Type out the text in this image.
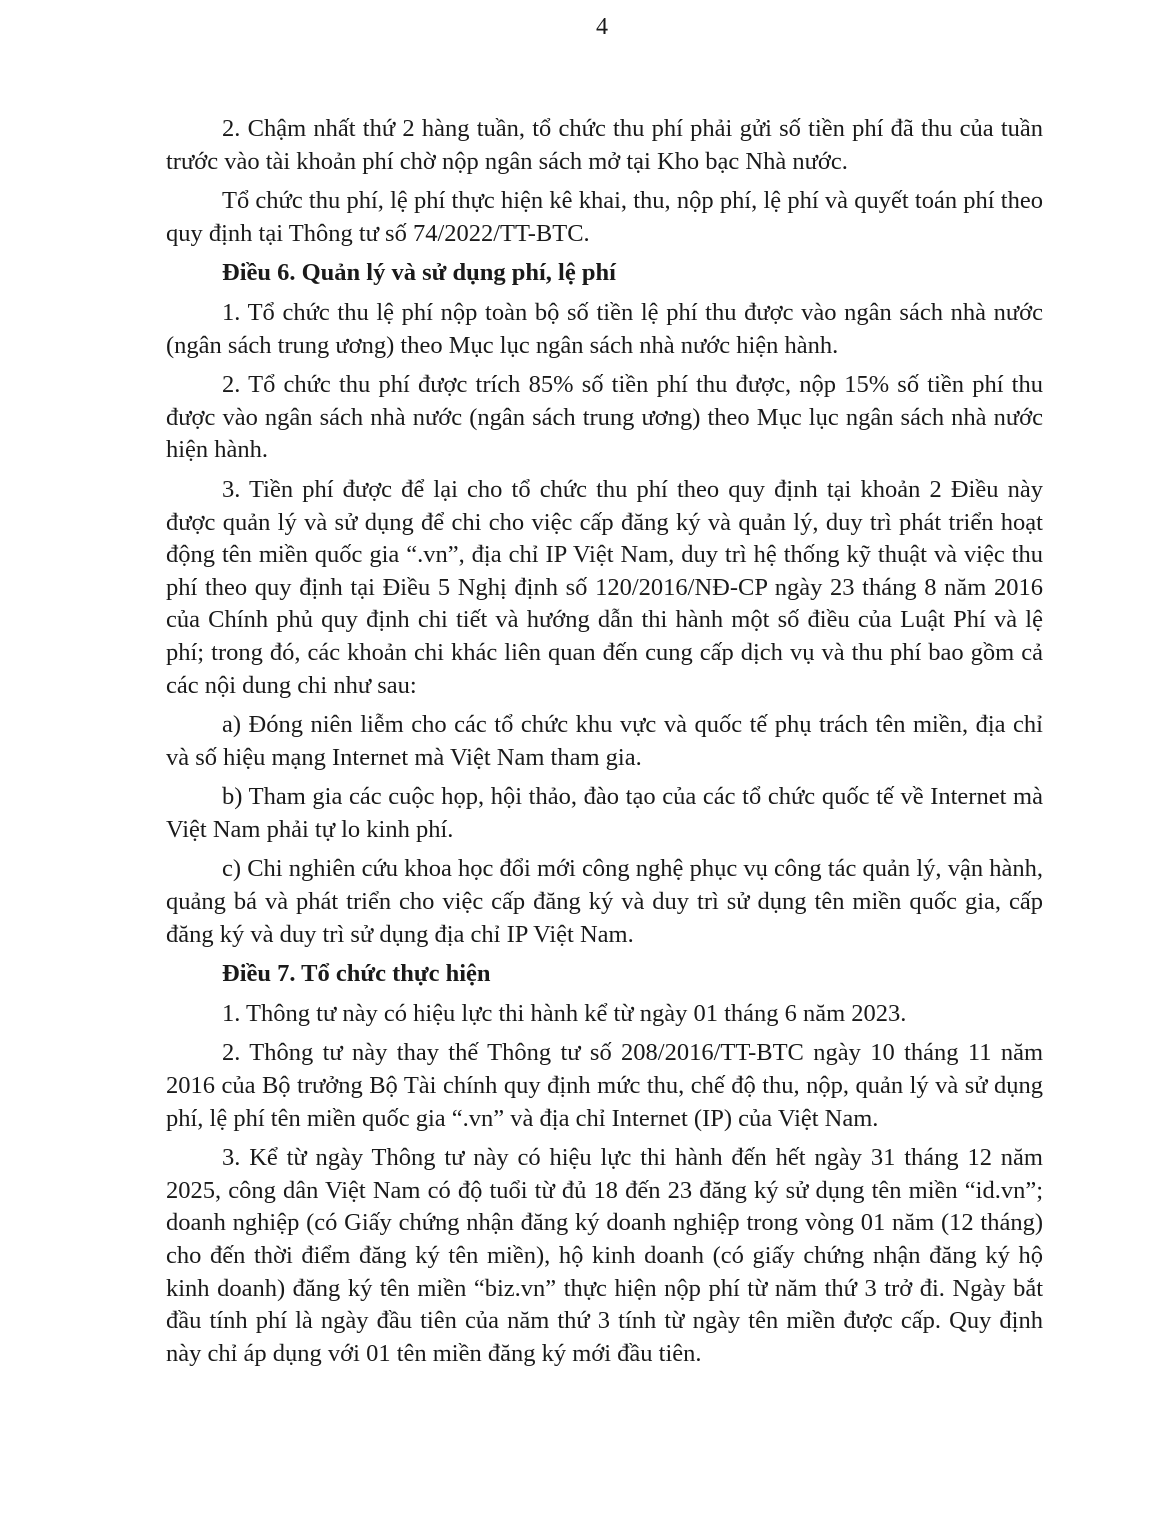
4

2. Chậm nhất thứ 2 hàng tuần, tổ chức thu phí phải gửi số tiền phí đã thu của tuần trước vào tài khoản phí chờ nộp ngân sách mở tại Kho bạc Nhà nước.

Tổ chức thu phí, lệ phí thực hiện kê khai, thu, nộp phí, lệ phí và quyết toán phí theo quy định tại Thông tư số 74/2022/TT-BTC.

Điều 6. Quản lý và sử dụng phí, lệ phí

1. Tổ chức thu lệ phí nộp toàn bộ số tiền lệ phí thu được vào ngân sách nhà nước (ngân sách trung ương) theo Mục lục ngân sách nhà nước hiện hành.

2. Tổ chức thu phí được trích 85% số tiền phí thu được, nộp 15% số tiền phí thu được vào ngân sách nhà nước (ngân sách trung ương) theo Mục lục ngân sách nhà nước hiện hành.

3. Tiền phí được để lại cho tổ chức thu phí theo quy định tại khoản 2 Điều này được quản lý và sử dụng để chi cho việc cấp đăng ký và quản lý, duy trì phát triển hoạt động tên miền quốc gia “.vn”, địa chỉ IP Việt Nam, duy trì hệ thống kỹ thuật và việc thu phí theo quy định tại Điều 5 Nghị định số 120/2016/NĐ-CP ngày 23 tháng 8 năm 2016 của Chính phủ quy định chi tiết và hướng dẫn thi hành một số điều của Luật Phí và lệ phí; trong đó, các khoản chi khác liên quan đến cung cấp dịch vụ và thu phí bao gồm cả các nội dung chi như sau:

a) Đóng niên liễm cho các tổ chức khu vực và quốc tế phụ trách tên miền, địa chỉ và số hiệu mạng Internet mà Việt Nam tham gia.

b) Tham gia các cuộc họp, hội thảo, đào tạo của các tổ chức quốc tế về Internet mà Việt Nam phải tự lo kinh phí.

c) Chi nghiên cứu khoa học đổi mới công nghệ phục vụ công tác quản lý, vận hành, quảng bá và phát triển cho việc cấp đăng ký và duy trì sử dụng tên miền quốc gia, cấp đăng ký và duy trì sử dụng địa chỉ IP Việt Nam.

Điều 7. Tổ chức thực hiện

1. Thông tư này có hiệu lực thi hành kể từ ngày 01 tháng 6 năm 2023.

2. Thông tư này thay thế Thông tư số 208/2016/TT-BTC ngày 10 tháng 11 năm 2016 của Bộ trưởng Bộ Tài chính quy định mức thu, chế độ thu, nộp, quản lý và sử dụng phí, lệ phí tên miền quốc gia “.vn” và địa chỉ Internet (IP) của Việt Nam.

3. Kể từ ngày Thông tư này có hiệu lực thi hành đến hết ngày 31 tháng 12 năm 2025, công dân Việt Nam có độ tuổi từ đủ 18 đến 23 đăng ký sử dụng tên miền “id.vn”; doanh nghiệp (có Giấy chứng nhận đăng ký doanh nghiệp trong vòng 01 năm (12 tháng) cho đến thời điểm đăng ký tên miền), hộ kinh doanh (có giấy chứng nhận đăng ký hộ kinh doanh) đăng ký tên miền “biz.vn” thực hiện nộp phí từ năm thứ 3 trở đi. Ngày bắt đầu tính phí là ngày đầu tiên của năm thứ 3 tính từ ngày tên miền được cấp. Quy định này chỉ áp dụng với 01 tên miền đăng ký mới đầu tiên.
